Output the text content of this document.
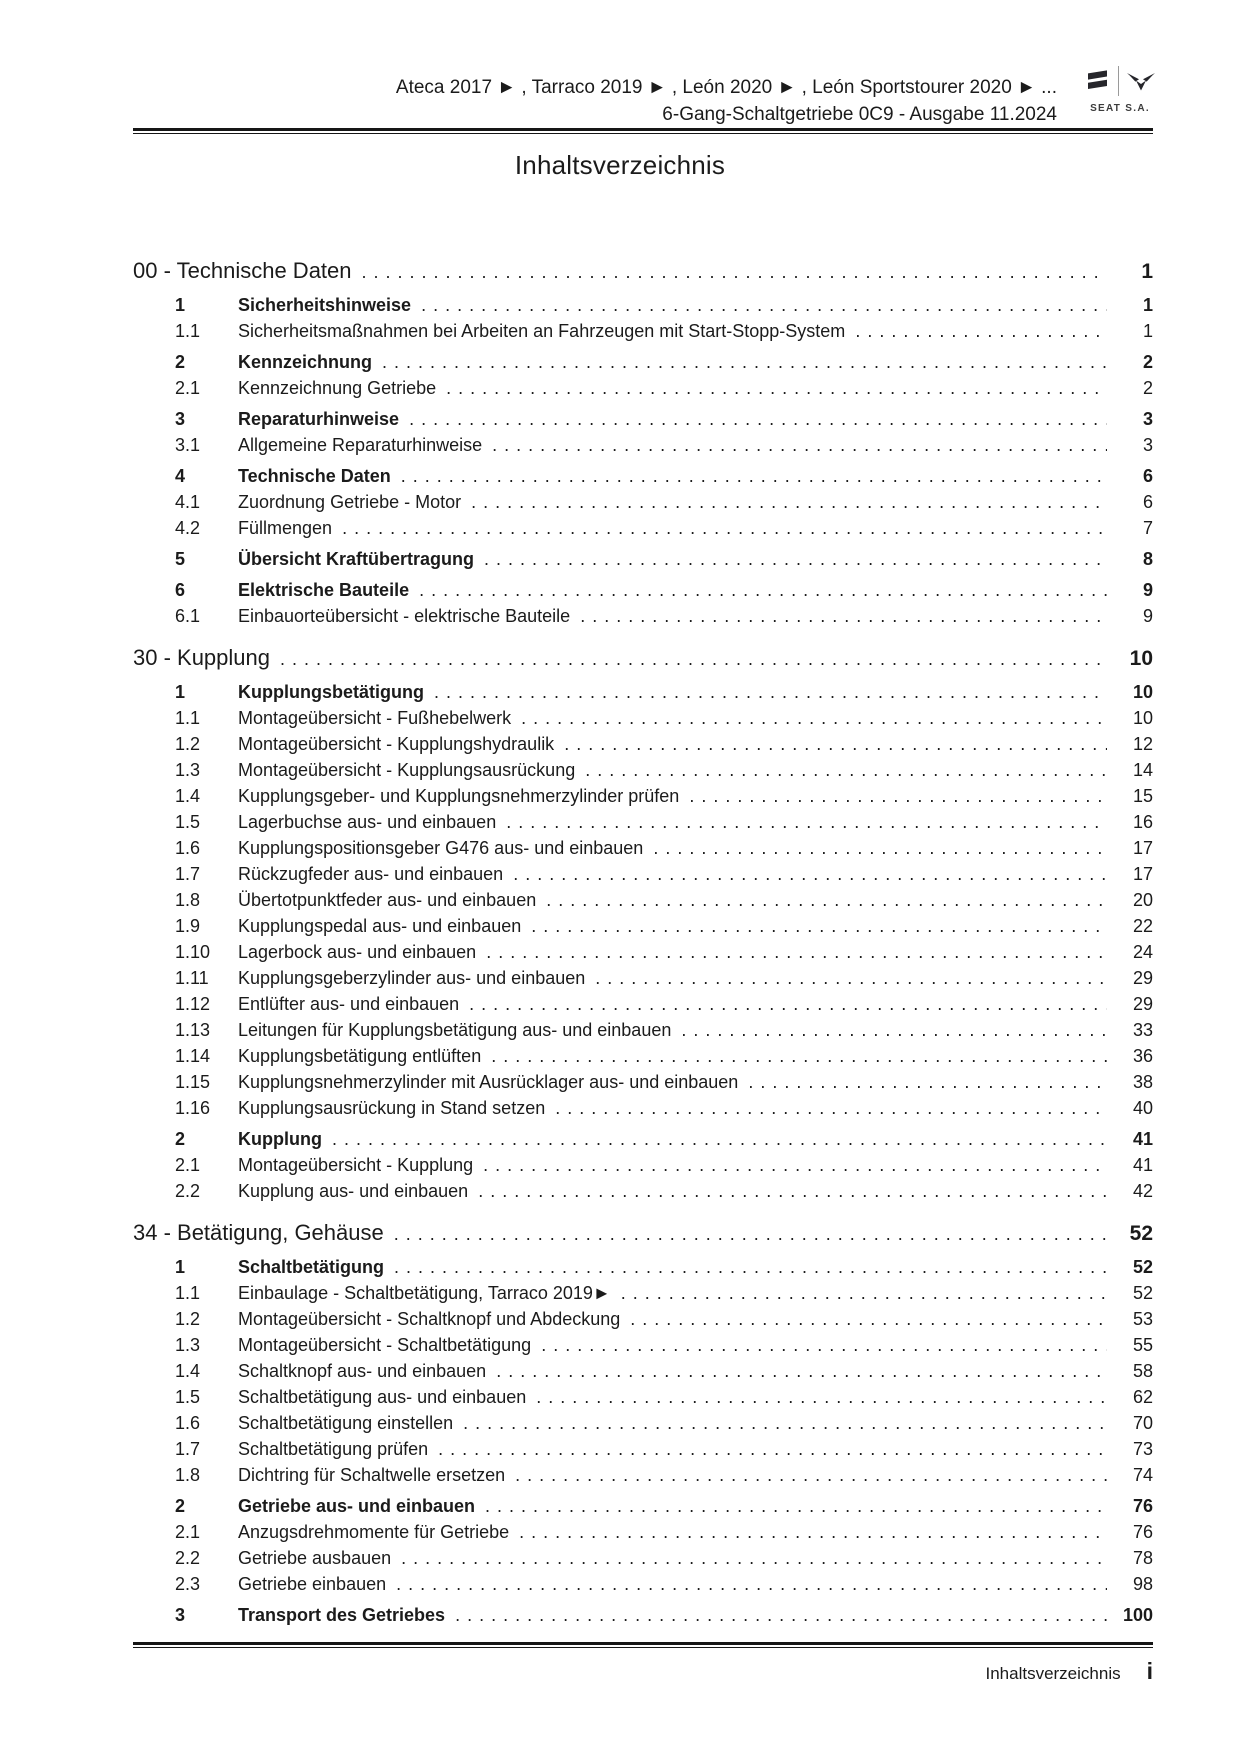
Ateca 2017 ► , Tarraco 2019 ► , León 2020 ► , León Sportstourer 2020 ► ...
6-Gang-Schaltgetriebe 0C9 - Ausgabe 11.2024	SEAT S.A.
Inhaltsverzeichnis
00 - Technische Daten .....	1
1	Sicherheitshinweise .....	1
1.1	Sicherheitsmaßnahmen bei Arbeiten an Fahrzeugen mit Start-Stopp-System .....	1
2	Kennzeichnung .....	2
2.1	Kennzeichnung Getriebe .....	2
3	Reparaturhinweise .....	3
3.1	Allgemeine Reparaturhinweise .....	3
4	Technische Daten .....	6
4.1	Zuordnung Getriebe - Motor .....	6
4.2	Füllmengen .....	7
5	Übersicht Kraftübertragung .....	8
6	Elektrische Bauteile .....	9
6.1	Einbauorteübersicht - elektrische Bauteile .....	9
30 - Kupplung .....	10
1	Kupplungsbetätigung .....	10
1.1	Montageübersicht - Fußhebelwerk .....	10
1.2	Montageübersicht - Kupplungshydraulik .....	12
1.3	Montageübersicht - Kupplungsausrückung .....	14
1.4	Kupplungsgeber- und Kupplungsnehmerzylinder prüfen .....	15
1.5	Lagerbuchse aus- und einbauen .....	16
1.6	Kupplungspositionsgeber G476 aus- und einbauen .....	17
1.7	Rückzugfeder aus- und einbauen .....	17
1.8	Übertotpunktfeder aus- und einbauen .....	20
1.9	Kupplungspedal aus- und einbauen .....	22
1.10	Lagerbock aus- und einbauen .....	24
1.11	Kupplungsgeberzylinder aus- und einbauen .....	29
1.12	Entlüfter aus- und einbauen .....	29
1.13	Leitungen für Kupplungsbetätigung aus- und einbauen .....	33
1.14	Kupplungsbetätigung entlüften .....	36
1.15	Kupplungsnehmerzylinder mit Ausrücklager aus- und einbauen .....	38
1.16	Kupplungsausrückung in Stand setzen .....	40
2	Kupplung .....	41
2.1	Montageübersicht - Kupplung .....	41
2.2	Kupplung aus- und einbauen .....	42
34 - Betätigung, Gehäuse .....	52
1	Schaltbetätigung .....	52
1.1	Einbaulage - Schaltbetätigung, Tarraco 2019► .....	52
1.2	Montageübersicht - Schaltknopf und Abdeckung .....	53
1.3	Montageübersicht - Schaltbetätigung .....	55
1.4	Schaltknopf aus- und einbauen .....	58
1.5	Schaltbetätigung aus- und einbauen .....	62
1.6	Schaltbetätigung einstellen .....	70
1.7	Schaltbetätigung prüfen .....	73
1.8	Dichtring für Schaltwelle ersetzen .....	74
2	Getriebe aus- und einbauen .....	76
2.1	Anzugsdrehmomente für Getriebe .....	76
2.2	Getriebe ausbauen .....	78
2.3	Getriebe einbauen .....	98
3	Transport des Getriebes .....	100
Inhaltsverzeichnis i
